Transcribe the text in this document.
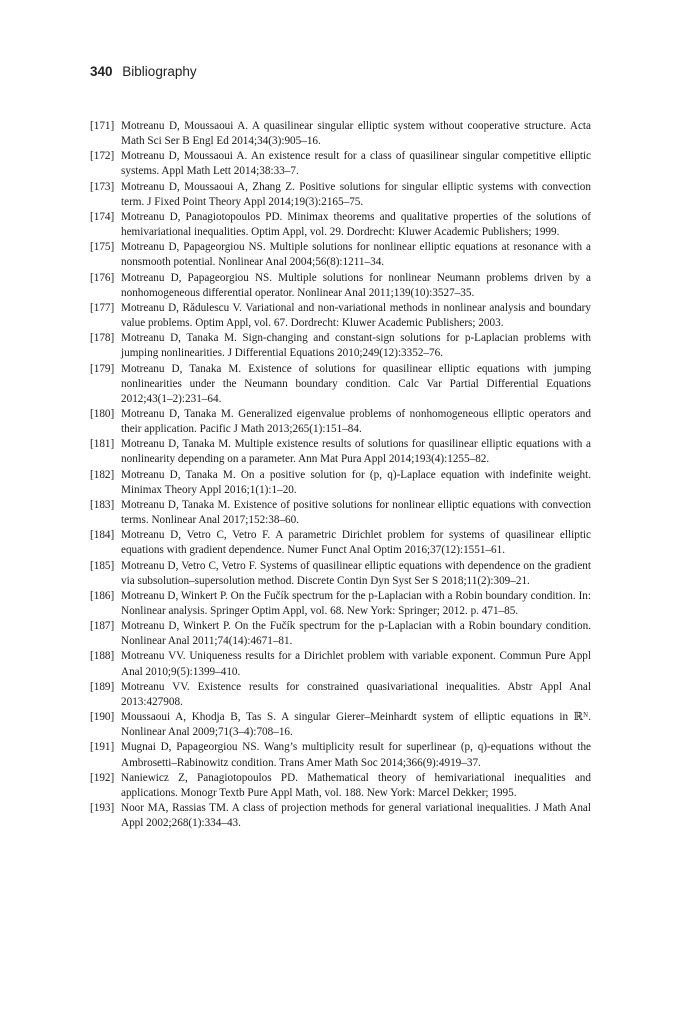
340 Bibliography
[171] Motreanu D, Moussaoui A. A quasilinear singular elliptic system without cooperative structure. Acta Math Sci Ser B Engl Ed 2014;34(3):905–16.
[172] Motreanu D, Moussaoui A. An existence result for a class of quasilinear singular competitive elliptic systems. Appl Math Lett 2014;38:33–7.
[173] Motreanu D, Moussaoui A, Zhang Z. Positive solutions for singular elliptic systems with convection term. J Fixed Point Theory Appl 2014;19(3):2165–75.
[174] Motreanu D, Panagiotopoulos PD. Minimax theorems and qualitative properties of the solutions of hemivariational inequalities. Optim Appl, vol. 29. Dordrecht: Kluwer Academic Publishers; 1999.
[175] Motreanu D, Papageorgiou NS. Multiple solutions for nonlinear elliptic equations at resonance with a nonsmooth potential. Nonlinear Anal 2004;56(8):1211–34.
[176] Motreanu D, Papageorgiou NS. Multiple solutions for nonlinear Neumann problems driven by a nonhomogeneous differential operator. Nonlinear Anal 2011;139(10):3527–35.
[177] Motreanu D, Rădulescu V. Variational and non-variational methods in nonlinear analysis and boundary value problems. Optim Appl, vol. 67. Dordrecht: Kluwer Academic Publishers; 2003.
[178] Motreanu D, Tanaka M. Sign-changing and constant-sign solutions for p-Laplacian problems with jumping nonlinearities. J Differential Equations 2010;249(12):3352–76.
[179] Motreanu D, Tanaka M. Existence of solutions for quasilinear elliptic equations with jumping nonlinearities under the Neumann boundary condition. Calc Var Partial Differential Equations 2012;43(1–2):231–64.
[180] Motreanu D, Tanaka M. Generalized eigenvalue problems of nonhomogeneous elliptic operators and their application. Pacific J Math 2013;265(1):151–84.
[181] Motreanu D, Tanaka M. Multiple existence results of solutions for quasilinear elliptic equations with a nonlinearity depending on a parameter. Ann Mat Pura Appl 2014;193(4):1255–82.
[182] Motreanu D, Tanaka M. On a positive solution for (p, q)-Laplace equation with indefinite weight. Minimax Theory Appl 2016;1(1):1–20.
[183] Motreanu D, Tanaka M. Existence of positive solutions for nonlinear elliptic equations with convection terms. Nonlinear Anal 2017;152:38–60.
[184] Motreanu D, Vetro C, Vetro F. A parametric Dirichlet problem for systems of quasilinear elliptic equations with gradient dependence. Numer Funct Anal Optim 2016;37(12):1551–61.
[185] Motreanu D, Vetro C, Vetro F. Systems of quasilinear elliptic equations with dependence on the gradient via subsolution–supersolution method. Discrete Contin Dyn Syst Ser S 2018;11(2):309–21.
[186] Motreanu D, Winkert P. On the Fučík spectrum for the p-Laplacian with a Robin boundary condition. In: Nonlinear analysis. Springer Optim Appl, vol. 68. New York: Springer; 2012. p. 471–85.
[187] Motreanu D, Winkert P. On the Fučík spectrum for the p-Laplacian with a Robin boundary condition. Nonlinear Anal 2011;74(14):4671–81.
[188] Motreanu VV. Uniqueness results for a Dirichlet problem with variable exponent. Commun Pure Appl Anal 2010;9(5):1399–410.
[189] Motreanu VV. Existence results for constrained quasivariational inequalities. Abstr Appl Anal 2013:427908.
[190] Moussaoui A, Khodja B, Tas S. A singular Gierer–Meinhardt system of elliptic equations in ℝᴺ. Nonlinear Anal 2009;71(3–4):708–16.
[191] Mugnai D, Papageorgiou NS. Wang’s multiplicity result for superlinear (p, q)-equations without the Ambrosetti–Rabinowitz condition. Trans Amer Math Soc 2014;366(9):4919–37.
[192] Naniewicz Z, Panagiotopoulos PD. Mathematical theory of hemivariational inequalities and applications. Monogr Textb Pure Appl Math, vol. 188. New York: Marcel Dekker; 1995.
[193] Noor MA, Rassias TM. A class of projection methods for general variational inequalities. J Math Anal Appl 2002;268(1):334–43.
